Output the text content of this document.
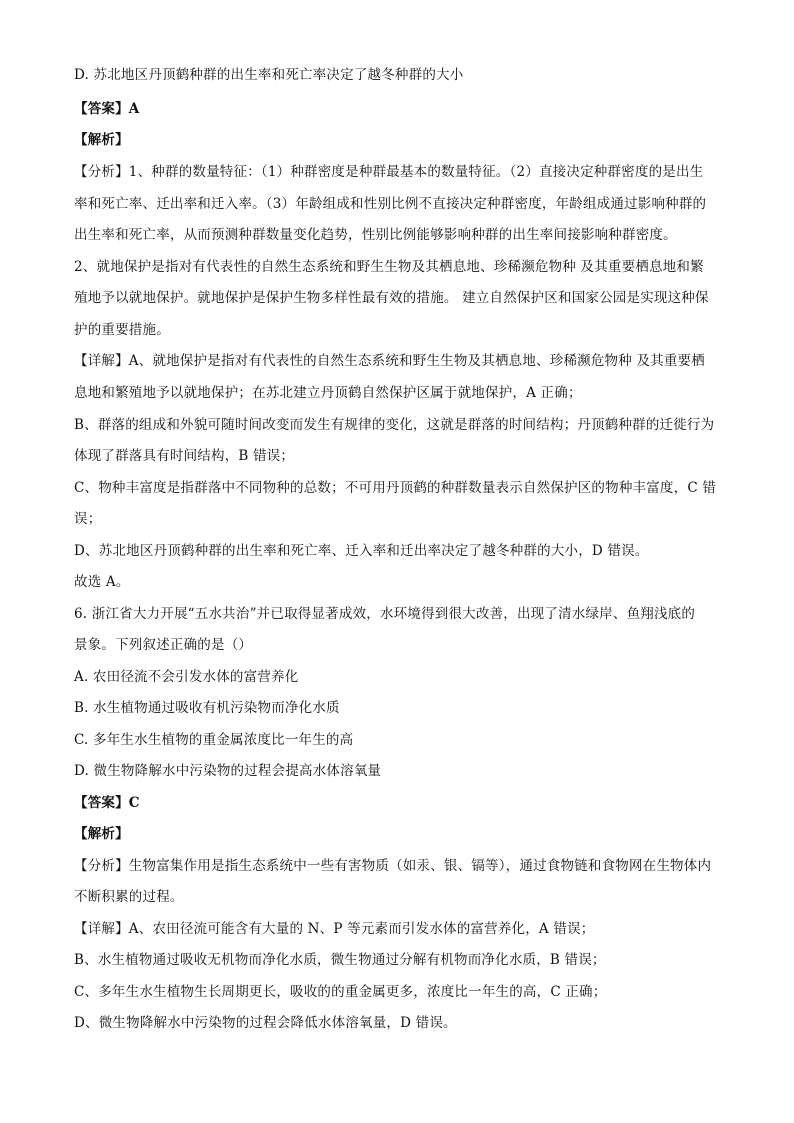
D. 苏北地区丹顶鹤种群的出生率和死亡率决定了越冬种群的大小
【答案】A
【解析】
【分析】1、种群的数量特征：（1）种群密度是种群最基本的数量特征。（2）直接决定种群密度的是出生
率和死亡率、迁出率和迁入率。（3）年龄组成和性别比例不直接决定种群密度，年龄组成通过影响种群的
出生率和死亡率，从而预测种群数量变化趋势，性别比例能够影响种群的出生率间接影响种群密度。
2、就地保护是指对有代表性的自然生态系统和野生生物及其栖息地、珍稀濒危物种 及其重要栖息地和繁
殖地予以就地保护。就地保护是保护生物多样性最有效的措施。 建立自然保护区和国家公园是实现这种保
护的重要措施。
【详解】A、就地保护是指对有代表性的自然生态系统和野生生物及其栖息地、珍稀濒危物种 及其重要栖
息地和繁殖地予以就地保护；在苏北建立丹顶鹤自然保护区属于就地保护，A 正确；
B、群落的组成和外貌可随时间改变而发生有规律的变化，这就是群落的时间结构；丹顶鹤种群的迁徙行为
体现了群落具有时间结构，B 错误；
C、物种丰富度是指群落中不同物种的总数；不可用丹顶鹤的种群数量表示自然保护区的物种丰富度，C 错
误；
D、苏北地区丹顶鹤种群的出生率和死亡率、迁入率和迁出率决定了越冬种群的大小，D 错误。
故选 A。
6. 浙江省大力开展“五水共治”并已取得显著成效，水环境得到很大改善，出现了清水绿岸、鱼翔浅底的
景象。下列叙述正确的是（）
A. 农田径流不会引发水体的富营养化
B. 水生植物通过吸收有机污染物而净化水质
C. 多年生水生植物的重金属浓度比一年生的高
D. 微生物降解水中污染物的过程会提高水体溶氧量
【答案】C
【解析】
【分析】生物富集作用是指生态系统中一些有害物质（如汞、银、镉等），通过食物链和食物网在生物体内
不断积累的过程。
【详解】A、农田径流可能含有大量的 N、P 等元素而引发水体的富营养化，A 错误；
B、水生植物通过吸收无机物而净化水质，微生物通过分解有机物而净化水质，B 错误；
C、多年生水生植物生长周期更长，吸收的的重金属更多，浓度比一年生的高，C 正确；
D、微生物降解水中污染物的过程会降低水体溶氧量，D 错误。
